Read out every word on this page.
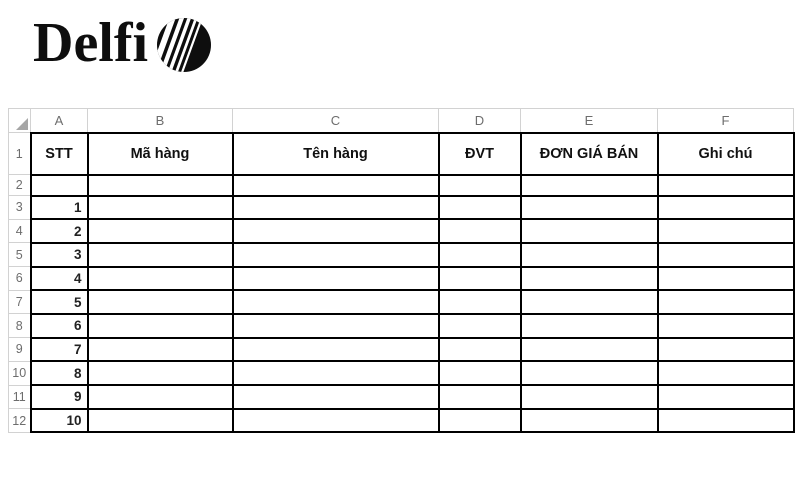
Delfi
	A	B	C	D	E	F
1	STT	Mã hàng	Tên hàng	ĐVT	ĐƠN GIÁ BÁN	Ghi chú
2						
3	1					
4	2					
5	3					
6	4					
7	5					
8	6					
9	7					
10	8					
11	9					
12	10					
